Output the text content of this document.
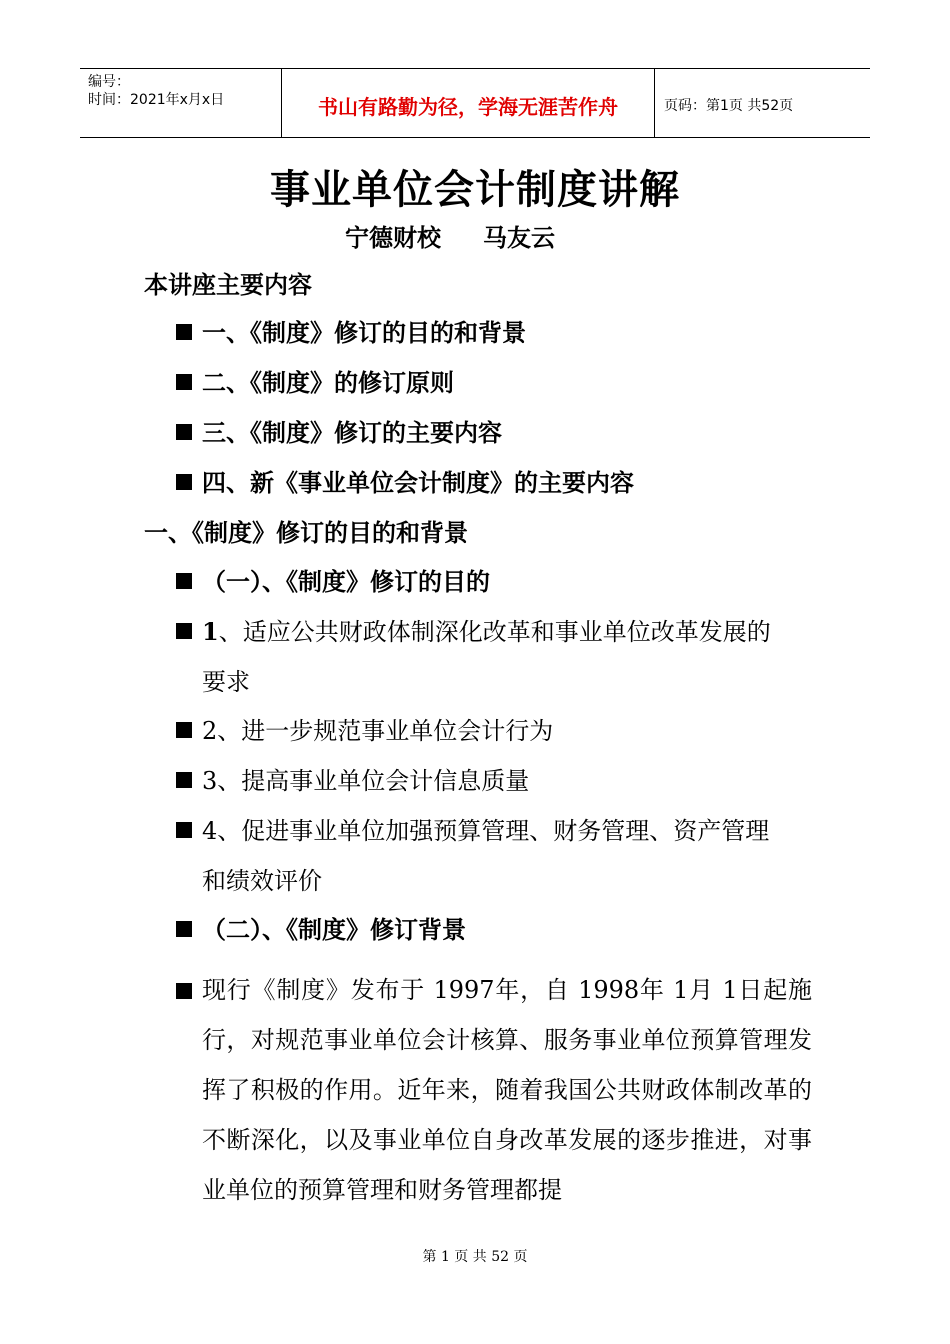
编号：
时间：2021年x月x日	书山有路勤为径，学海无涯苦作舟	页码：第1页 共52页
事业单位会计制度讲解
宁德财校 马友云
本讲座主要内容
一、《制度》修订的目的和背景
二、《制度》的修订原则
三、《制度》修订的主要内容
四、新《事业单位会计制度》的主要内容
一、《制度》修订的目的和背景
（一）、《制度》修订的目的
1、适应公共财政体制深化改革和事业单位改革发展的
要求
2、进一步规范事业单位会计行为
3、提高事业单位会计信息质量
4、促进事业单位加强预算管理、财务管理、资产管理
和绩效评价
（二）、《制度》修订背景
现行《制度》发布于 1997年，自 1998年 1月 1日起施行，对规范事业单位会计核算、服务事业单位预算管理发挥了积极的作用。近年来，随着我国公共财政体制改革的不断深化，以及事业单位自身改革发展的逐步推进，对事业单位的预算管理和财务管理都提
第 1 页 共 52 页
